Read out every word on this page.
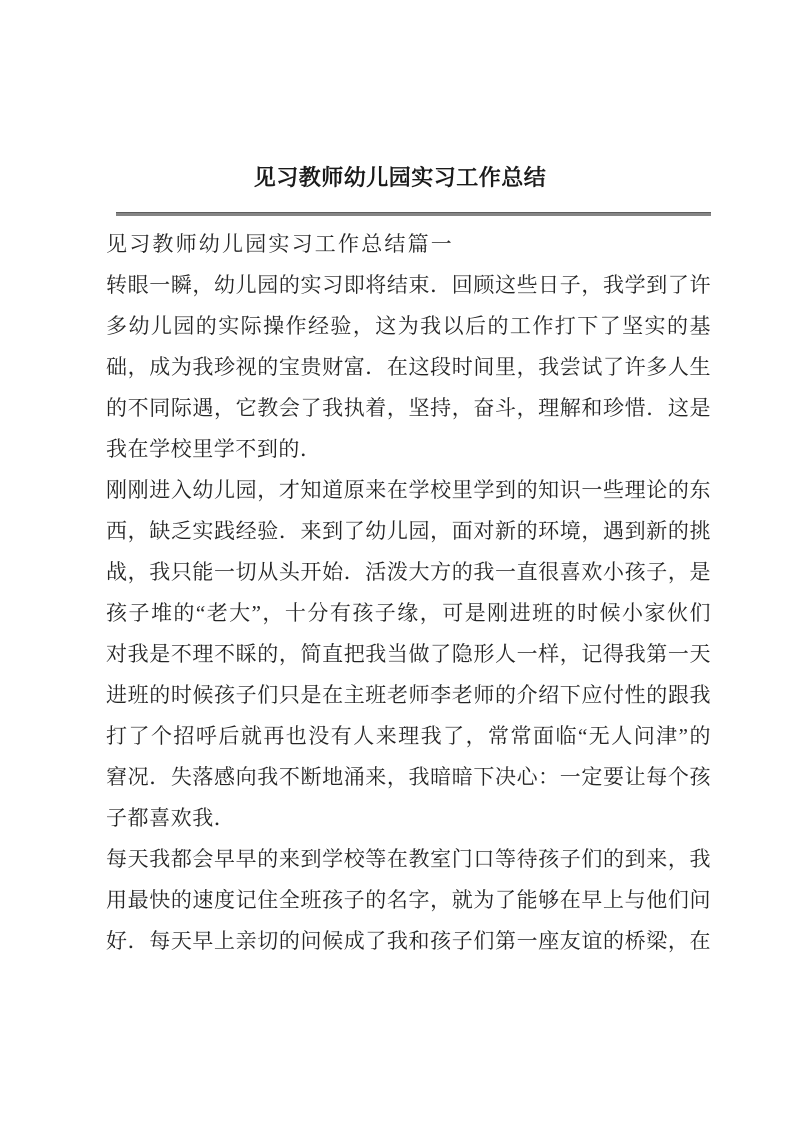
见习教师幼儿园实习工作总结
见习教师幼儿园实习工作总结篇一
转眼一瞬，幼儿园的实习即将结束．回顾这些日子，我学到了许
多幼儿园的实际操作经验，这为我以后的工作打下了坚实的基
础，成为我珍视的宝贵财富．在这段时间里，我尝试了许多人生
的不同际遇，它教会了我执着，坚持，奋斗，理解和珍惜．这是
我在学校里学不到的．
刚刚进入幼儿园，才知道原来在学校里学到的知识一些理论的东
西，缺乏实践经验．来到了幼儿园，面对新的环境，遇到新的挑
战，我只能一切从头开始．活泼大方的我一直很喜欢小孩子，是
孩子堆的“老大”，十分有孩子缘，可是刚进班的时候小家伙们
对我是不理不睬的，简直把我当做了隐形人一样，记得我第一天
进班的时候孩子们只是在主班老师李老师的介绍下应付性的跟我
打了个招呼后就再也没有人来理我了，常常面临“无人问津”的
窘况．失落感向我不断地涌来，我暗暗下决心：一定要让每个孩
子都喜欢我．
每天我都会早早的来到学校等在教室门口等待孩子们的到来，我
用最快的速度记住全班孩子的名字，就为了能够在早上与他们问
好．每天早上亲切的问候成了我和孩子们第一座友谊的桥梁，在
